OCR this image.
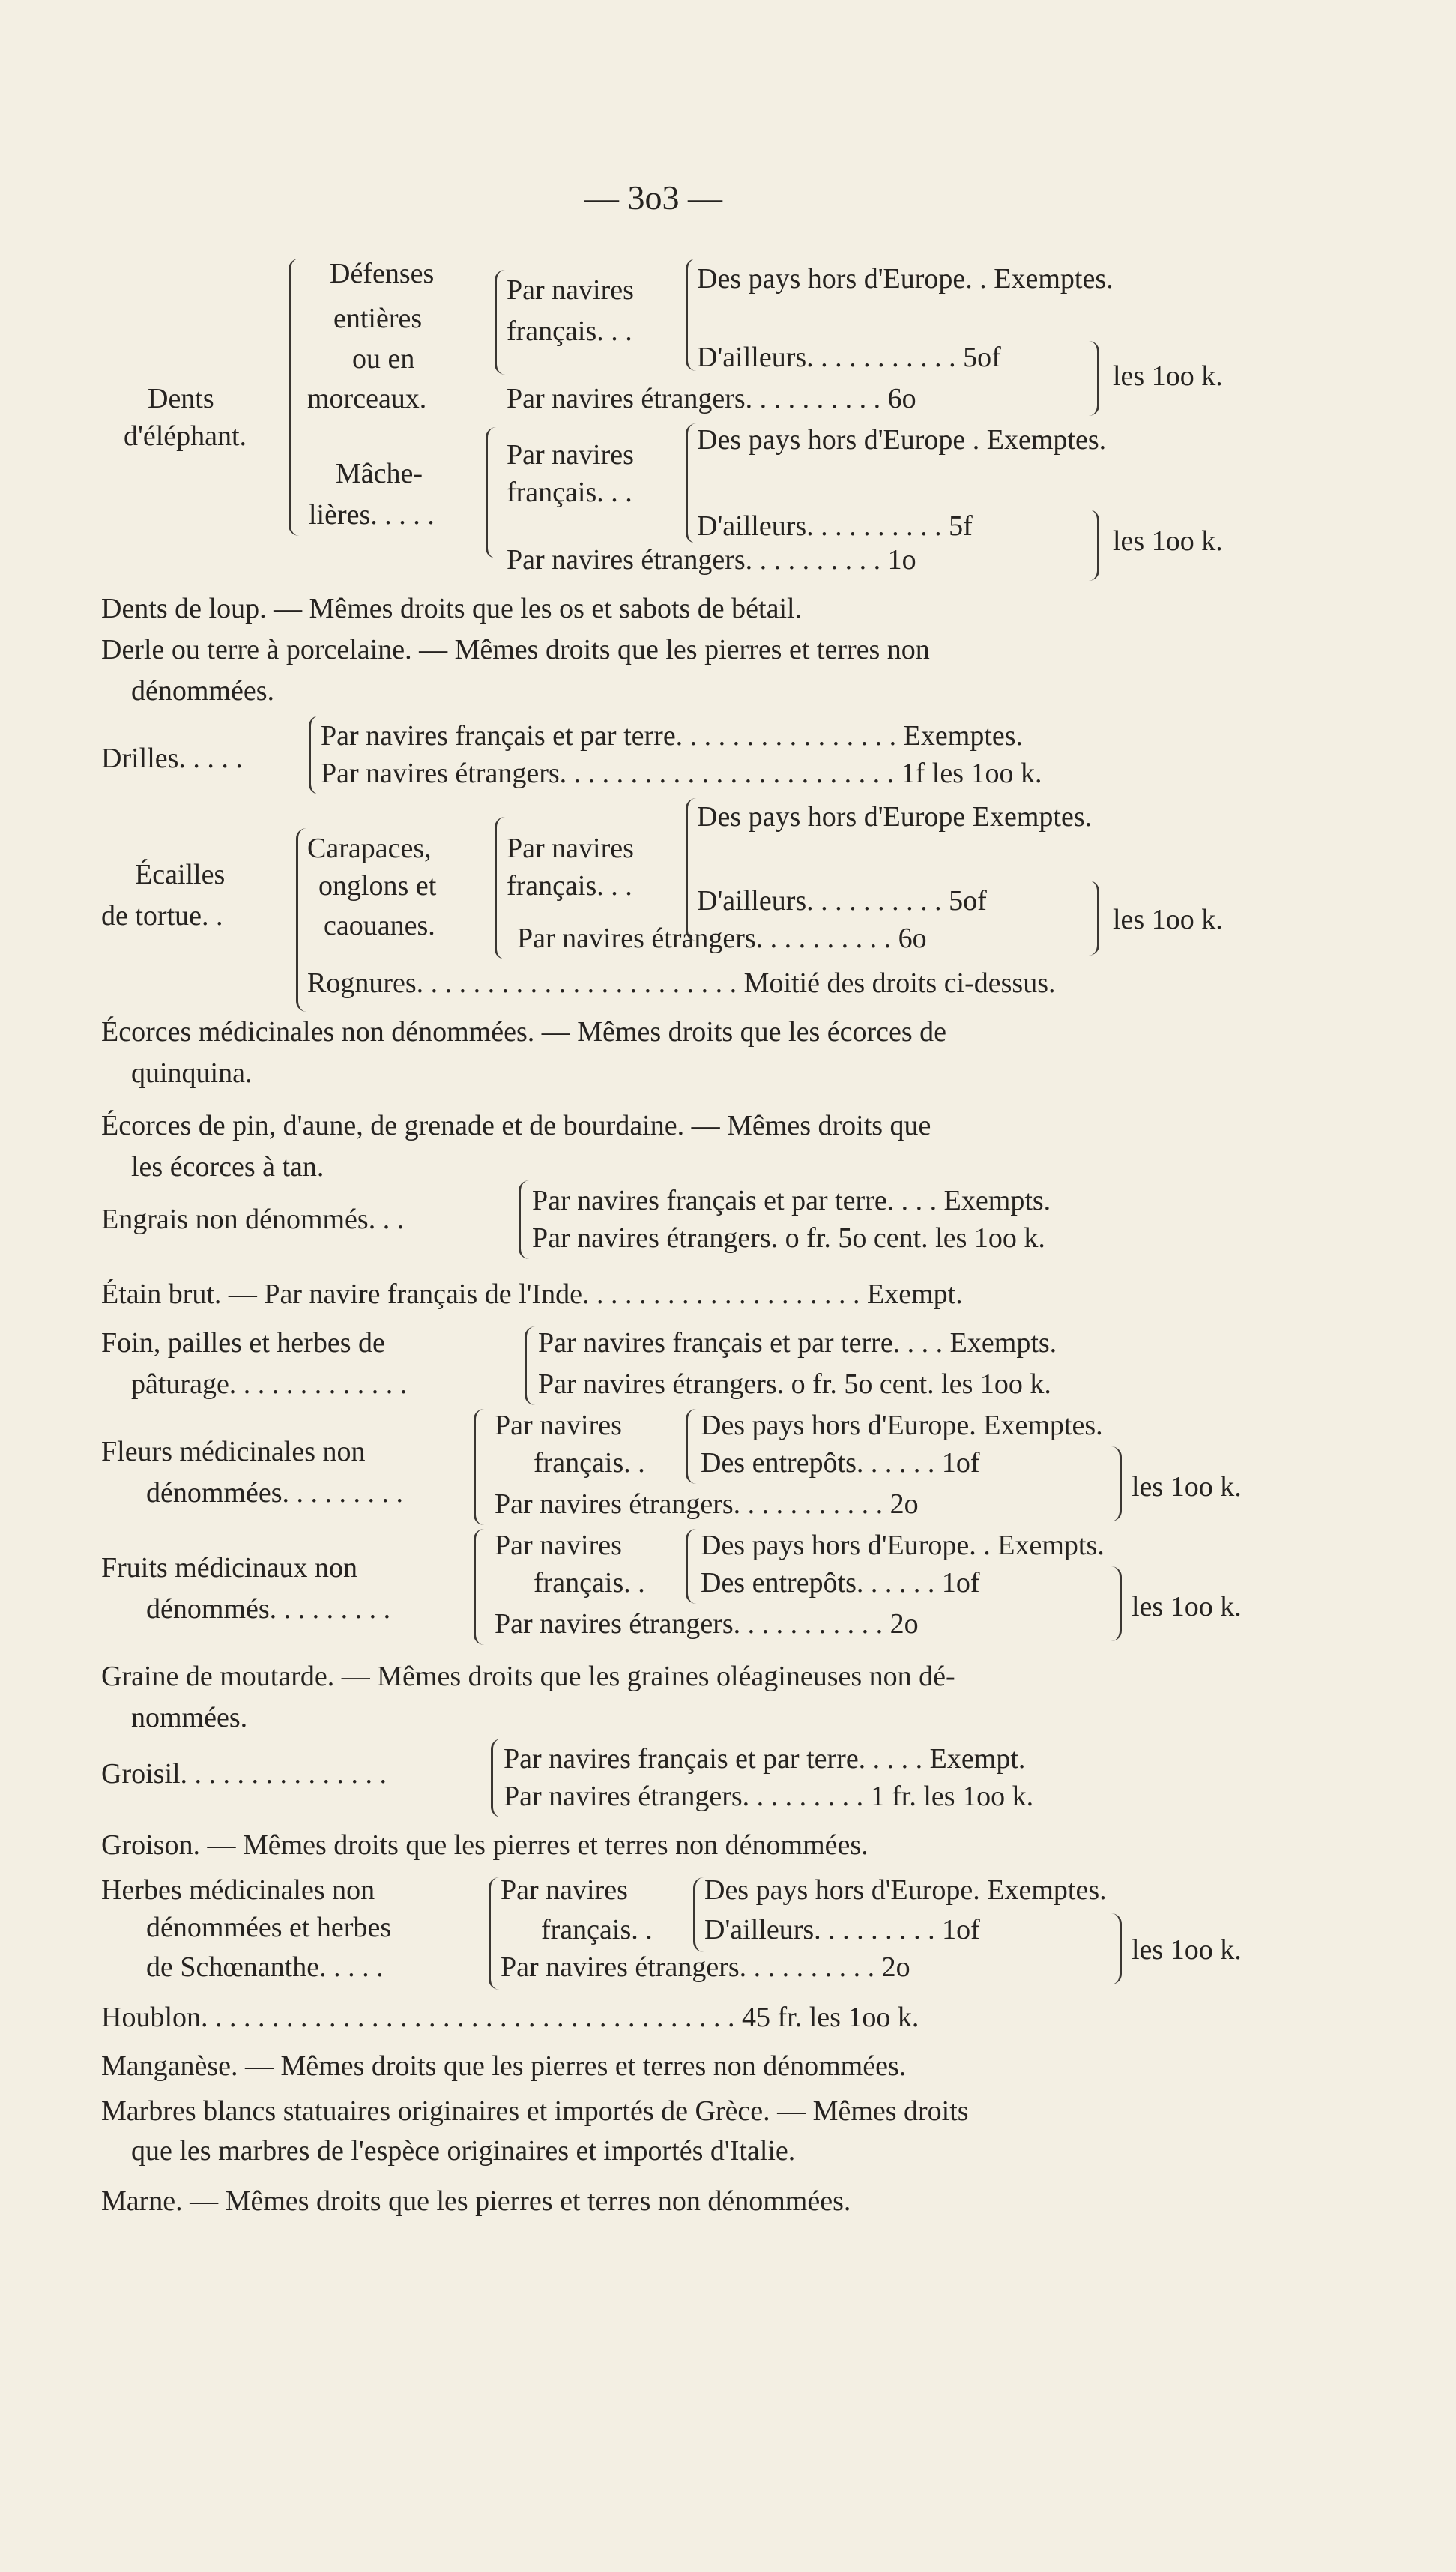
— 3o3 —
Dents
d'éléphant.
Défenses
entières
ou en
morceaux.
Mâche-
lières. . . . .
Par navires
français. . .
Des pays hors d'Europe. . Exemptes.
D'ailleurs. . . . . . . . . . . 5of
les 1oo k.
Par navires étrangers. . . . . . . . . . 6o
Par navires
français. . .
Des pays hors d'Europe . Exemptes.
D'ailleurs. . . . . . . . . . 5f	les 1oo k.
Par navires étrangers. . . . . . . . . . 1o
Dents de loup. — Mêmes droits que les os et sabots de bétail.
Derle ou terre à porcelaine. — Mêmes droits que les pierres et terres non
dénommées.
Drilles. . . . .
Par navires français et par terre. . . . . . . . . . . . . . . . Exemptes.
Par navires étrangers. . . . . . . . . . . . . . . . . . . . . . . . 1f les 1oo k.
Écailles
de tortue. .
Carapaces,
onglons et
caouanes.
Par navires
français. . .
Des pays hors d'Europe Exemptes.
D'ailleurs. . . . . . . . . . 5of
les 1oo k.
Par navires étrangers. . . . . . . . . . 6o
Rognures. . . . . . . . . . . . . . . . . . . . . . . Moitié des droits ci-dessus.
Écorces médicinales non dénommées. — Mêmes droits que les écorces de
quinquina.
Écorces de pin, d'aune, de grenade et de bourdaine. — Mêmes droits que
les écorces à tan.
Engrais non dénommés. . .
Par navires français et par terre. . . . Exempts.
Par navires étrangers. o fr. 5o cent. les 1oo k.
Étain brut. — Par navire français de l'Inde. . . . . . . . . . . . . . . . . . . . Exempt.
Foin, pailles et herbes de
pâturage. . . . . . . . . . . . .
Par navires français et par terre. . . . Exempts.
Par navires étrangers. o fr. 5o cent. les 1oo k.
Fleurs médicinales non
dénommées. . . . . . . . .
Par navires
français. .
Des pays hors d'Europe. Exemptes.
Des entrepôts. . . . . . 1of
les 1oo k.
Par navires étrangers. . . . . . . . . . . 2o
Fruits médicinaux non
dénommés. . . . . . . . .
Par navires
français. .
Des pays hors d'Europe. . Exempts.
Des entrepôts. . . . . . 1of
les 1oo k.
Par navires étrangers. . . . . . . . . . . 2o
Graine de moutarde. — Mêmes droits que les graines oléagineuses non dé-
nommées.
Groisil. . . . . . . . . . . . . . .	Par navires français et par terre. . . . . Exempt.
Par navires étrangers. . . . . . . . . 1 fr. les 1oo k.
Groison. — Mêmes droits que les pierres et terres non dénommées.
Herbes médicinales non
dénommées et herbes
de Schœnanthe. . . . .
Par navires
français. .
Des pays hors d'Europe. Exemptes.
D'ailleurs. . . . . . . . . 1of
les 1oo k.
Par navires étrangers. . . . . . . . . . 2o
Houblon. . . . . . . . . . . . . . . . . . . . . . . . . . . . . . . . . . . . . . 45 fr. les 1oo k.
Manganèse. — Mêmes droits que les pierres et terres non dénommées.
Marbres blancs statuaires originaires et importés de Grèce. — Mêmes droits
que les marbres de l'espèce originaires et importés d'Italie.
Marne. — Mêmes droits que les pierres et terres non dénommées.
